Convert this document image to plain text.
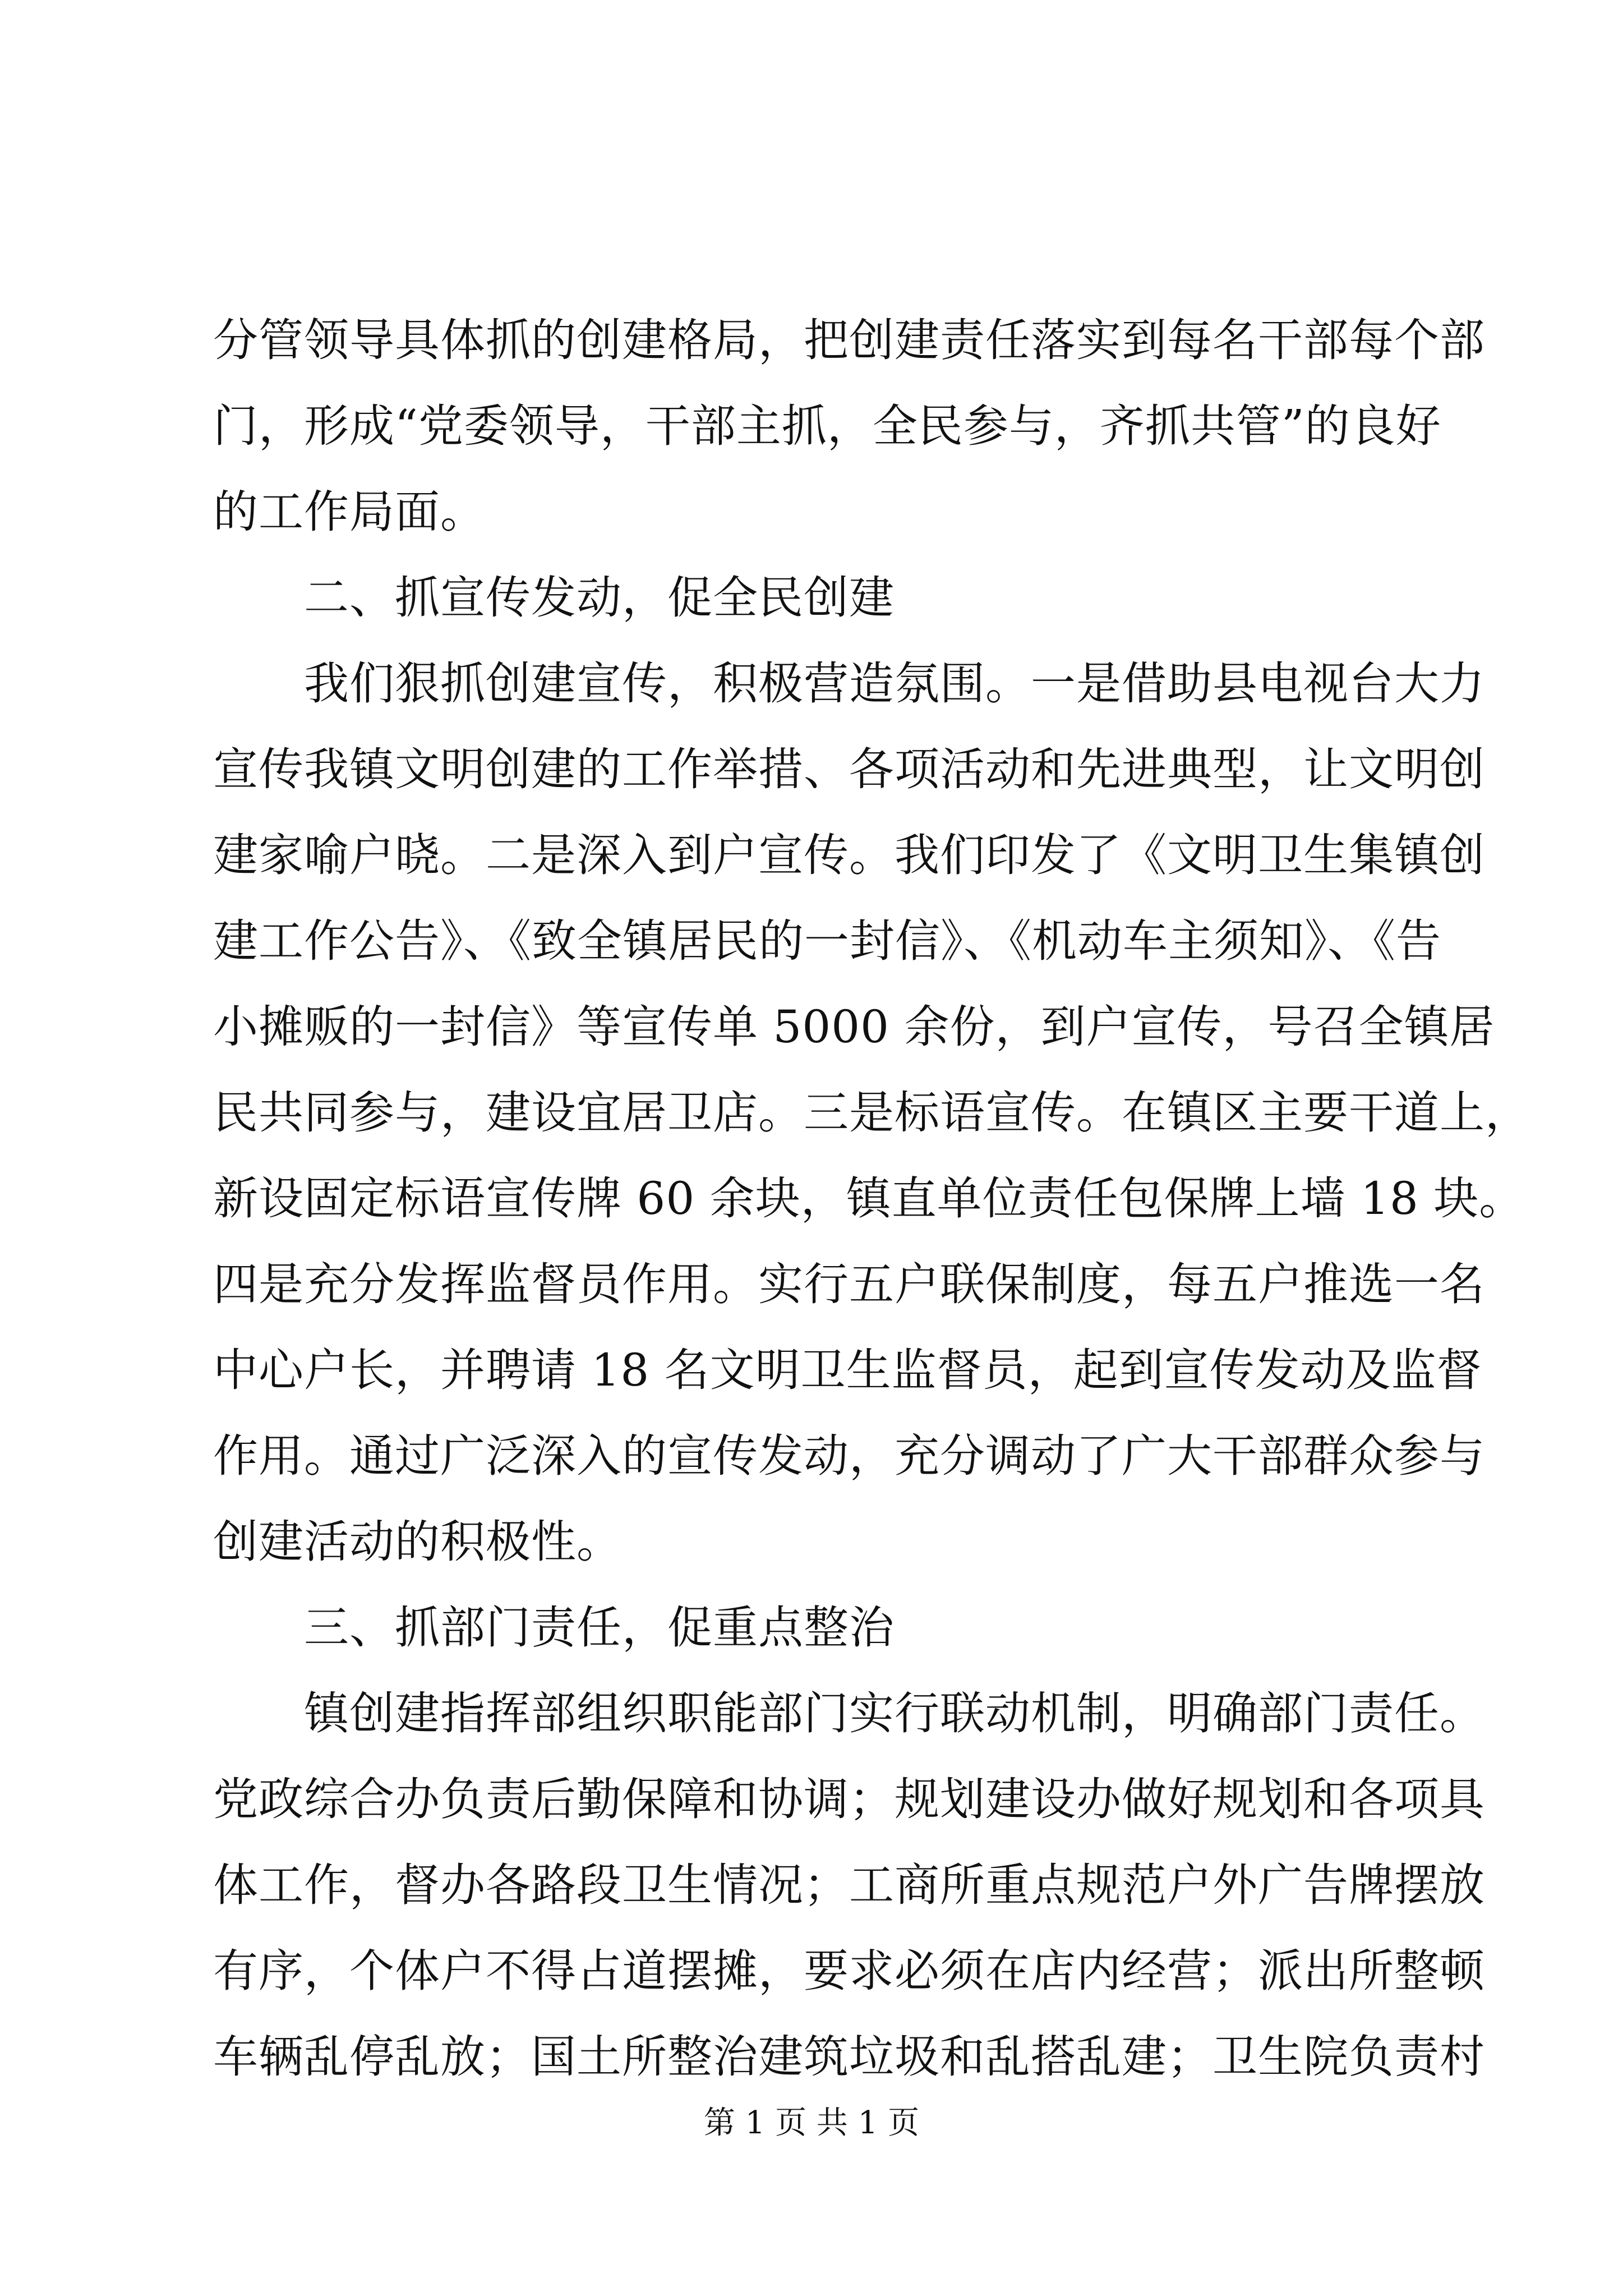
分管领导具体抓的创建格局，把创建责任落实到每名干部每个部
门，形成“党委领导，干部主抓，全民参与，齐抓共管”的良好
的工作局面。
　　二、抓宣传发动，促全民创建
　　我们狠抓创建宣传，积极营造氛围。一是借助县电视台大力
宣传我镇文明创建的工作举措、各项活动和先进典型，让文明创
建家喻户晓。二是深入到户宣传。我们印发了《文明卫生集镇创
建工作公告》、《致全镇居民的一封信》、《机动车主须知》、《告
小摊贩的一封信》等宣传单 5000 余份，到户宣传，号召全镇居
民共同参与，建设宜居卫店。三是标语宣传。在镇区主要干道上，
新设固定标语宣传牌 60 余块，镇直单位责任包保牌上墙 18 块。
四是充分发挥监督员作用。实行五户联保制度，每五户推选一名
中心户长，并聘请 18 名文明卫生监督员，起到宣传发动及监督
作用。通过广泛深入的宣传发动，充分调动了广大干部群众参与
创建活动的积极性。
　　三、抓部门责任，促重点整治
　　镇创建指挥部组织职能部门实行联动机制，明确部门责任。
党政综合办负责后勤保障和协调；规划建设办做好规划和各项具
体工作，督办各路段卫生情况；工商所重点规范户外广告牌摆放
有序，个体户不得占道摆摊，要求必须在店内经营；派出所整顿
车辆乱停乱放；国土所整治建筑垃圾和乱搭乱建；卫生院负责村
第 1 页 共 1 页
